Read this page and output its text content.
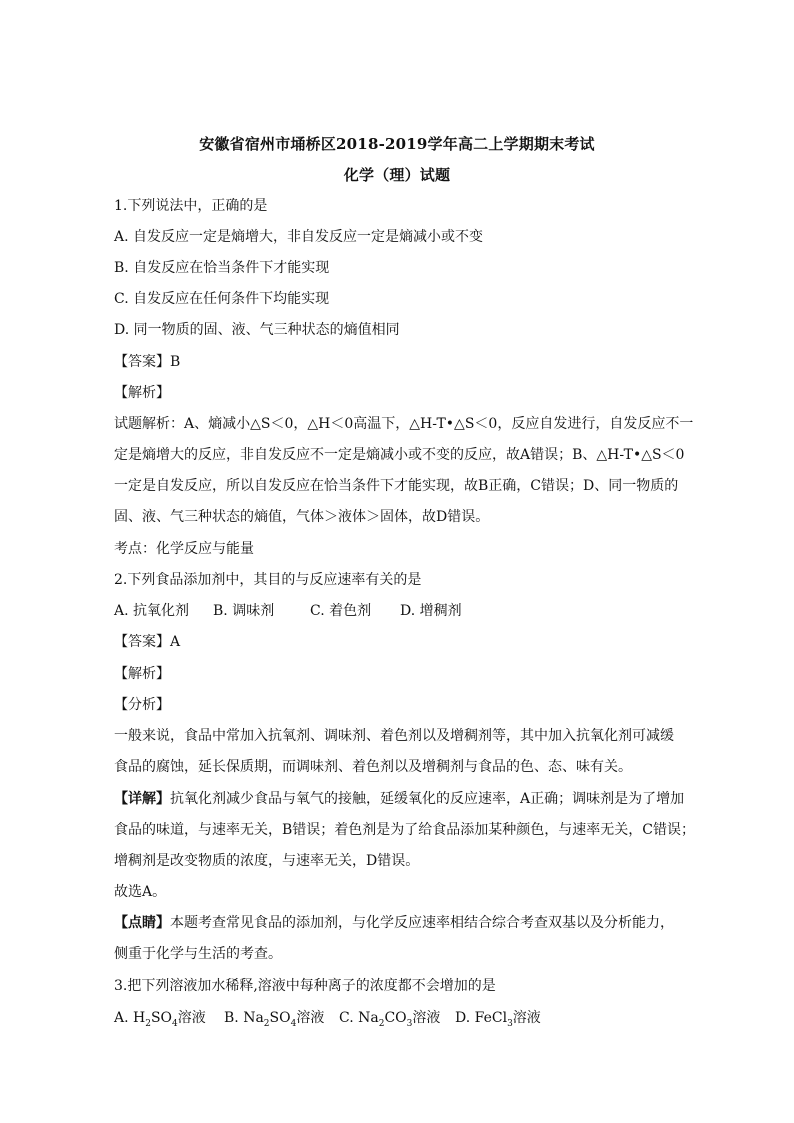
安徽省宿州市埇桥区2018-2019学年高二上学期期末考试
化学（理）试题
1.下列说法中，正确的是
A. 自发反应一定是熵增大，非自发反应一定是熵减小或不变
B. 自发反应在恰当条件下才能实现
C. 自发反应在任何条件下均能实现
D. 同一物质的固、液、气三种状态的熵值相同
【答案】B
【解析】
试题解析：A、熵减小△S＜0，△H＜0高温下，△H-T•△S＜0，反应自发进行，自发反应不一
定是熵增大的反应，非自发反应不一定是熵减小或不变的反应，故A错误；B、△H-T•△S＜0
一定是自发反应，所以自发反应在恰当条件下才能实现，故B正确，C错误；D、同一物质的
固、液、气三种状态的熵值，气体＞液体＞固体，故D错误。
考点：化学反应与能量
2.下列食品添加剂中，其目的与反应速率有关的是
A. 抗氧化剂 B. 调味剂	C. 着色剂 D. 增稠剂
【答案】A
【解析】
【分析】
一般来说，食品中常加入抗氧剂、调味剂、着色剂以及增稠剂等，其中加入抗氧化剂可减缓
食品的腐蚀，延长保质期，而调味剂、着色剂以及增稠剂与食品的色、态、味有关。
【详解】抗氧化剂减少食品与氧气的接触，延缓氧化的反应速率，A正确；调味剂是为了增加
食品的味道，与速率无关，B错误；着色剂是为了给食品添加某种颜色，与速率无关，C错误；
增稠剂是改变物质的浓度，与速率无关，D错误。
故选A。
【点睛】本题考查常见食品的添加剂，与化学反应速率相结合综合考查双基以及分析能力，
侧重于化学与生活的考查。
3.把下列溶液加水稀释,溶液中每种离子的浓度都不会增加的是
A. $H_2SO_4$溶液 B. $Na_2SO_4$溶液 C. $Na_2CO_3$溶液 D. FeCl$_3$溶液
